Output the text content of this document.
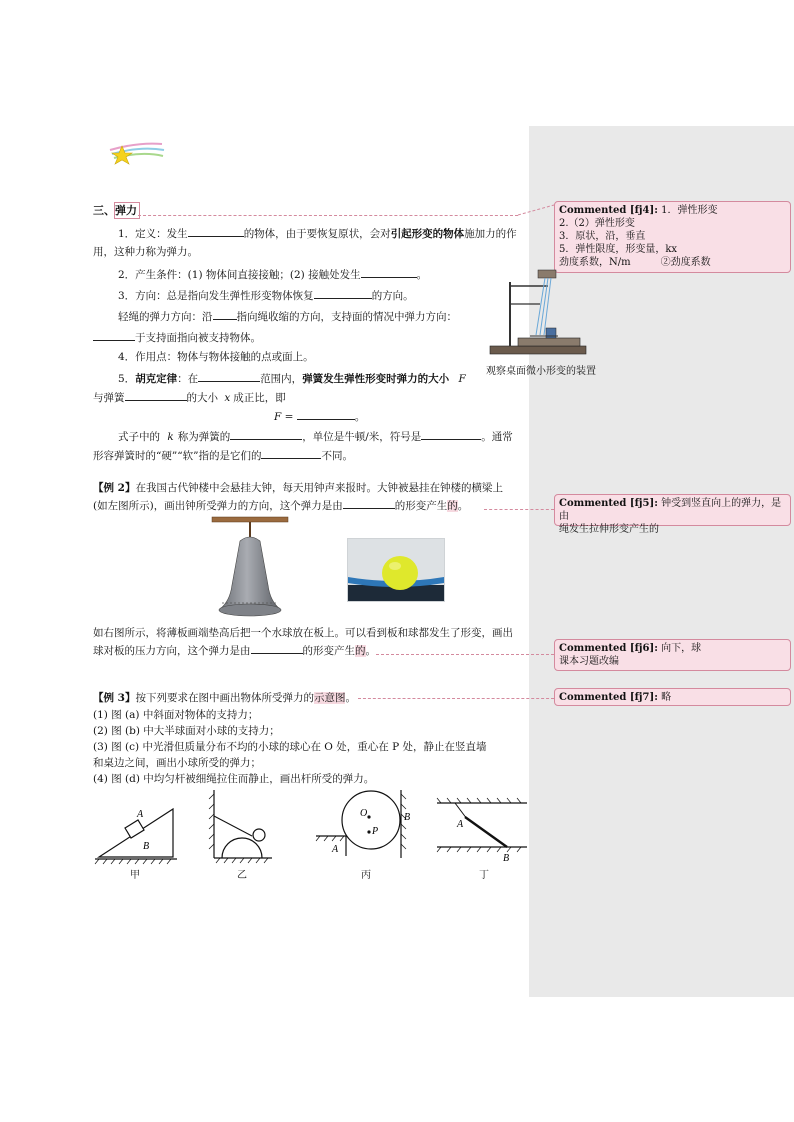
Commented [fj4]: 1．弹性形变
2.（2）弹性形变
3．原状，沿，垂直
5．弹性限度，形变量，kx
劲度系数，N/m　　　②劲度系数
Commented [fj5]: 钟受到竖直向上的弹力，是由
绳发生拉伸形变产生的
Commented [fj6]: 向下，球
课本习题改编
Commented [fj7]: 略
三、弹力
1．定义：发生	的物体，由于要恢复原状，会对引起形变的物体施加力的作
用，这种力称为弹力。
2．产生条件：(1) 物体间直接接触；(2) 接触处发生	。
3．方向：总是指向发生弹性形变物体恢复	的方向。
轻绳的弹力方向：沿 指向绳收缩的方向，支持面的情况中弹力方向：
于支持面指向被支持物体。
4．作用点：物体与物体接触的点或面上。
5．胡克定律：在	范围内，弹簧发生弹性形变时弹力的大小 F
与弹簧	的大小 x 成正比，即
F =	。
式子中的 k 称为弹簧的	，单位是牛顿/米，符号是	。通常
形容弹簧时的“硬”“软”指的是它们的	不同。
观察桌面微小形变的装置
【例 2】在我国古代钟楼中会悬挂大钟，每天用钟声来报时。大钟被悬挂在钟楼的横梁上
(如左图所示)，画出钟所受弹力的方向，这个弹力是由	的形变产生的。
如右图所示，将薄板画端垫高后把一个水球放在板上。可以看到板和球都发生了形变，画出
球对板的压力方向，这个弹力是由	的形变产生的。
【例 3】按下列要求在图中画出物体所受弹力的示意图。
(1) 图 (a) 中斜面对物体的支持力；
(2) 图 (b) 中大半球面对小球的支持力；
(3) 图 (c) 中光滑但质量分布不均的小球的球心在 O 处，重心在 P 处，静止在竖直墙
和桌边之间，画出小球所受的弹力；
(4) 图 (d) 中均匀杆被细绳拉住而静止，画出杆所受的弹力。
A
B
O
P
A
B
A
B
甲	乙	丙	丁
